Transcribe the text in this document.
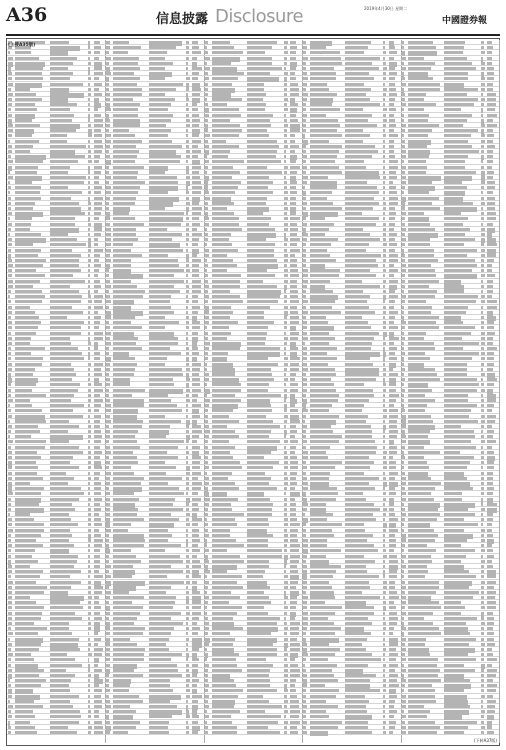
A36	信息披露 Disclosure	2019年4月30日 星期二
中國證券報
(上接A35版)
(下转A37版)
